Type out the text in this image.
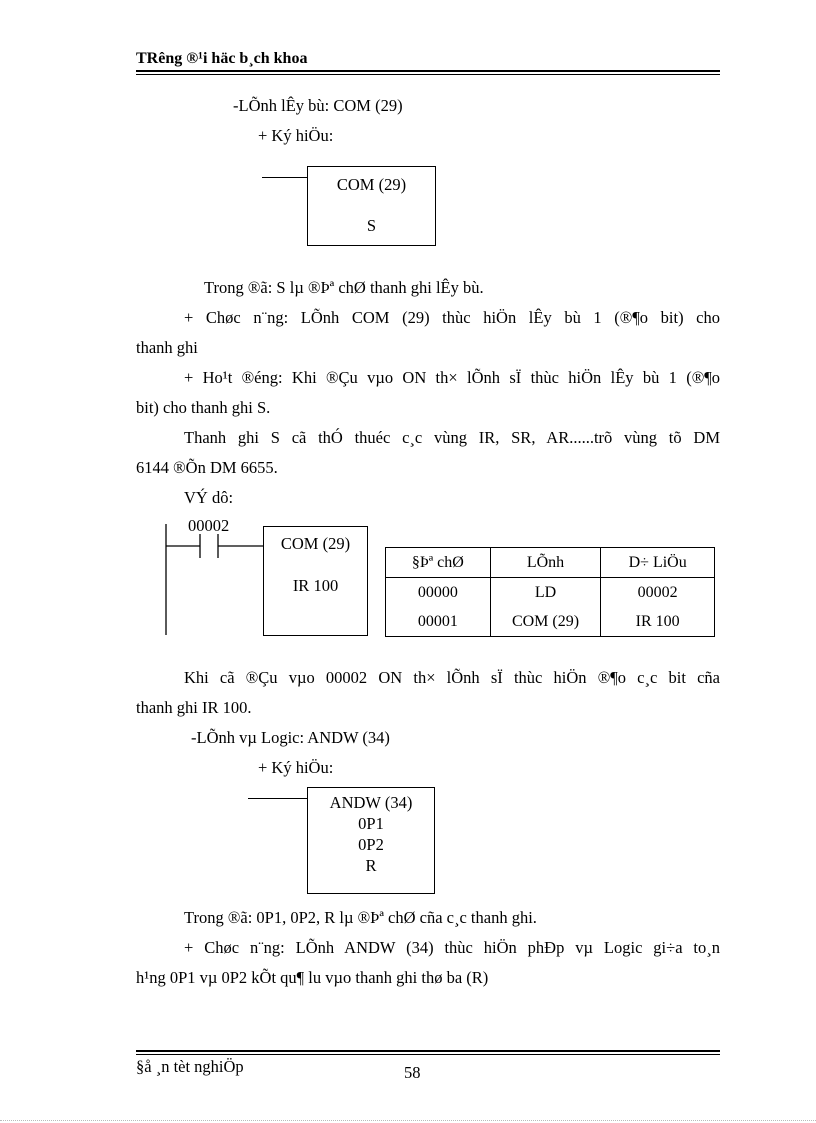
TRêng ®¹i häc b¸ch khoa
-LÕnh lÊy bù: COM (29)
+ Ký hiÖu:
COM (29)
S
Trong ®ã: S lµ ®Þª chØ thanh ghi lÊy bù.
+ Chøc n¨ng: LÕnh COM (29) thùc hiÖn lÊy bù 1 (®¶o bit) cho
thanh ghi
+ Ho¹t ®éng: Khi ®Çu vµo ON th× lÕnh sÏ thùc hiÖn lÊy bù 1 (®¶o
bit) cho thanh ghi S.
Thanh ghi S cã thÓ thuéc c¸c vùng IR, SR, AR......trõ vùng tõ DM
6144 ®Õn DM 6655.
VÝ dô:
00002
COM (29)
IR 100
§Þª chØ	LÕnh	D÷ LiÖu
00000	LD	00002
00001	COM (29)	IR 100
Khi cã ®Çu vµo 00002 ON th× lÕnh sÏ thùc hiÖn ®¶o c¸c bit cña
thanh ghi IR 100.
-LÕnh vµ Logic: ANDW (34)
+ Ký hiÖu:
ANDW (34)
0P1
0P2
R
Trong ®ã: 0P1, 0P2, R lµ ®Þª chØ cña c¸c thanh ghi.
+ Chøc n¨ng: LÕnh ANDW (34) thùc hiÖn phÐp vµ Logic gi÷a to¸n
h¹ng 0P1 vµ 0P2 kÕt qu¶ lu vµo thanh ghi thø ba (R)
§å ¸n tèt nghiÖp	58
